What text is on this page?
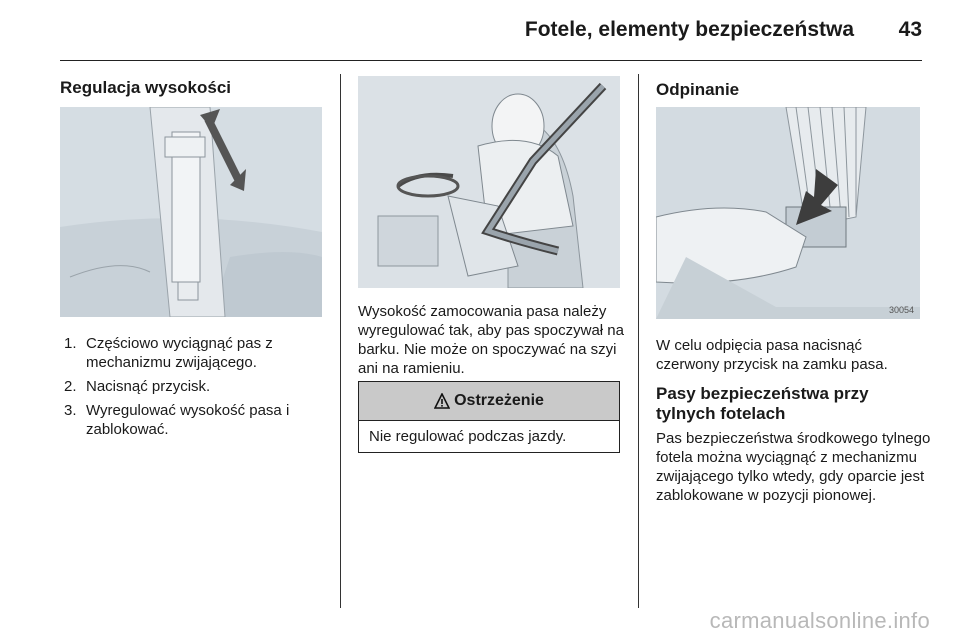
Fotele, elementy bezpieczeństwa 43
Regulacja wysokości
1. Częściowo wyciągnąć pas z mechanizmu zwijającego.
2. Nacisnąć przycisk.
3. Wyregulować wysokość pasa i zablokować.

Wysokość zamocowania pasa należy wyregulować tak, aby pas spoczywał na barku. Nie może on spoczywać na szyi ani na ramieniu.

Ostrzeżenie
Nie regulować podczas jazdy.
Odpinanie
30054

W celu odpięcia pasa nacisnąć czerwony przycisk na zamku pasa.

Pasy bezpieczeństwa przy tylnych fotelach

Pas bezpieczeństwa środkowego tylnego fotela można wyciągnąć z mechanizmu zwijającego tylko wtedy, gdy oparcie jest zablokowane w pozycji pionowej.

carmanualsonline.info
